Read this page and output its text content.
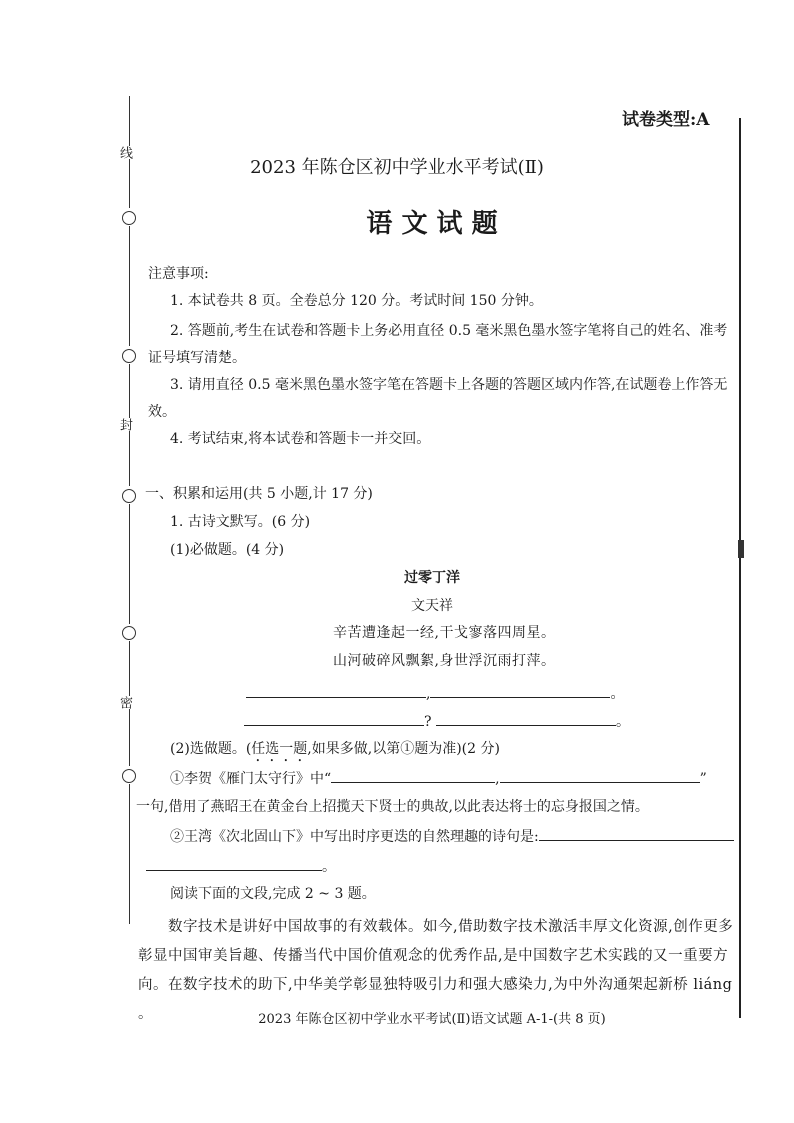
线
封
密
试卷类型:A
2023 年陈仓区初中学业水平考试(Ⅱ)
语 文 试 题
注意事项:
1. 本试卷共 8 页。全卷总分 120 分。考试时间 150 分钟。
2. 答题前,考生在试卷和答题卡上务必用直径 0.5 毫米黑色墨水签字笔将自己的姓名、准考证号填写清楚。
3. 请用直径 0.5 毫米黑色墨水签字笔在答题卡上各题的答题区域内作答,在试题卷上作答无效。
4. 考试结束,将本试卷和答题卡一并交回。
一、积累和运用(共 5 小题,计 17 分)
1. 古诗文默写。(6 分)
(1)必做题。(4 分)
过零丁洋
文天祥
辛苦遭逢起一经,干戈寥落四周星。
山河破碎风飘絮,身世浮沉雨打萍。
,	。
?	。
(2)选做题。(任选一题,如果多做,以第①题为准)(2 分)
①李贺《雁门太守行》中“	,	”
一句,借用了燕昭王在黄金台上招揽天下贤士的典故,以此表达将士的忘身报国之情。
②王湾《次北固山下》中写出时序更迭的自然理趣的诗句是:
。
阅读下面的文段,完成 2 ~ 3 题。
数字技术是讲好中国故事的有效载体。如今,借助数字技术激活丰厚文化资源,创作更多彰显中国审美旨趣、传播当代中国价值观念的优秀作品,是中国数字艺术实践的又一重要方向。在数字技术的助下,中华美学彰显独特吸引力和强大感染力,为中外沟通架起新桥 liáng 。	2023 年陈仓区初中学业水平考试(Ⅱ)语文试题 A-1-(共 8 页)
